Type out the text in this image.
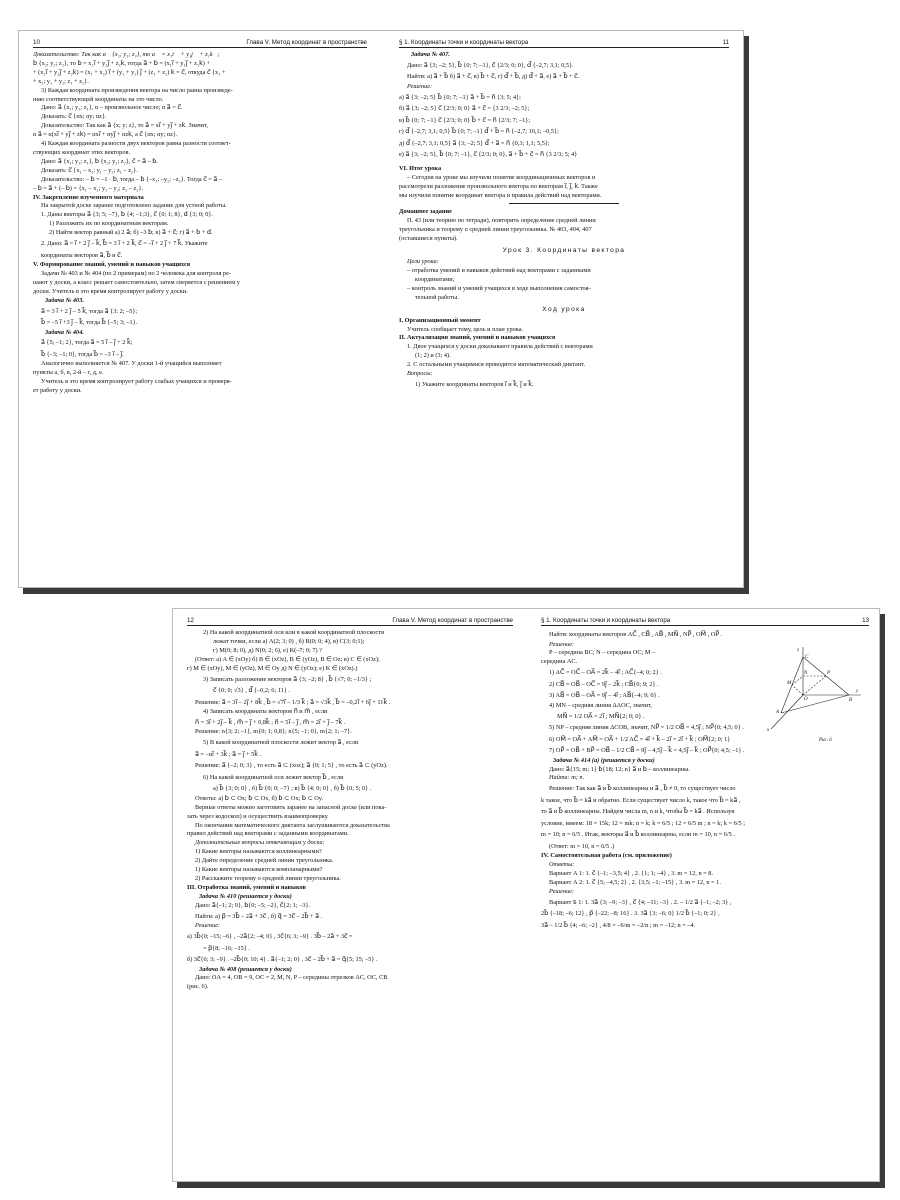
10	Глава V. Метод координат в пространстве
Доказательство: Так как a⃗ {x₁; y₁; z₁}, то a⃗ = x₁i⃗ + y₁j⃗ + z₁k⃗;
b⃗ {x₂; y₂; z₂}, то b⃗ = x₂i⃗ + y₂j⃗ + z₂k⃗, тогда a⃗ + b⃗ = (x₁i⃗ + y₁j⃗ + z₁k⃗) +
+ (x₂i⃗ + y₂j⃗ + z₂k⃗) = (x₁ + x₂) i⃗ + (y₁ + y₂) j⃗ + (z₁ + z₂) k⃗ = c⃗, откуда c⃗ {x₁ +
+ x₂; y₁ + y₂; z₁ + z₂}.
3) Каждая координата произведения вектора на число равна произведе-
нию соответствующей координаты на это число.
Дано: a⃗ {x₁; y₁; z₁}, α – произвольное число; α a⃗ = c⃗.
Доказать: c⃗ {αx; αy; αz}.
Доказательство: Так как a⃗ {x; y; z}, то a⃗ = xi⃗ + yj⃗ + zk⃗. Значит,
α a⃗ = α(xi⃗ + yj⃗ + zk⃗) = αxi⃗ + αyj⃗ + αzk⃗, а c⃗ {αx; αy; αz}.
4) Каждая координата разности двух векторов равна разности соответ-
ствующих координат этих векторов.
Дано: a⃗ {x₁; y₁; z₁}, b⃗ {x₂; y₂; z₂}, c⃗ = a⃗ – b⃗.
Доказать: c⃗ {x₁ – x₂; y₁ – y₂; z₁ – z₂}.
Доказательство: – b⃗ = –1 · b⃗, тогда – b⃗ {–x₂; –y₂; –z₂}. Тогда c⃗ = a⃗ –
– b⃗ = a⃗ + (– b⃗) = {x₁ – x₂; y₁ – y₂; z₁ – z₂}.
IV. Закрепление изученного материала
На закрытой доске заранее подготовлено задание для устной работы.
1. Даны векторы a⃗ {3; 5; –7}, b⃗ {4; –1;3}, c⃗ {0; 1; 8}, d⃗ {3; 0; 0}.
1) Разложить их по координатным векторам.
2) Найти вектор равный а) 2 a⃗; б) –3 b⃗; в) a⃗ + c⃗; г) a⃗ + b⃗ + d⃗.
2. Дано: a⃗ = i⃗ + 2 j⃗ – k⃗, b⃗ = 3 i⃗ + 2 k⃗, c⃗ = –i⃗ + 2 j⃗ + 7 k⃗. Укажите
координаты векторов a⃗, b⃗ и c⃗.
V. Формирование знаний, умений и навыков учащихся
Задачи № 403 и № 404 (по 2 примерам) по 2 человека для контроля ре-
шают у доски, а класс решает самостоятельно, затем сверяется с решением у
доски. Учитель в это время контролирует работу у доски.
Задача № 403.
a⃗ = 3 i⃗ + 2 j⃗ – 5 k⃗, тогда a⃗ {3; 2; –5};
b⃗ = –5 i⃗ +3 j⃗ – k⃗, тогда b⃗ {–5; 3; –1}.
Задача № 404.
a⃗ {5; –1; 2}, тогда a⃗ = 5 i⃗ – j⃗ + 2 k⃗;
b⃗ {–3; –1; 0}, тогда b⃗ = –3 i⃗ – j⃗.
Аналогично выполняется № 407. У доски 1-й учащийся выполняет
пункты а, б, в, 2-й – г, д, е.
Учитель в это время контролирует работу слабых учащихся и проверя-
ет работу у доски.
§ 1. Координаты точки и координаты вектора	11
Задача № 407.
Дано: a⃗ {3; –2; 5}, b⃗ {0; 7; –1}, c⃗ {2/3; 0; 0}, d⃗ {–2,7; 3,1; 0,5}.
Найти: а) a⃗ + b⃗ б) a⃗ + c⃗, в) b⃗ + c⃗, г) d⃗ + b⃗, д) d⃗ + a⃗, е) a⃗ + b⃗ + c⃗.
Решение:
а) a⃗ {3; –2; 5} b⃗ {0; 7; –1} a⃗ + b⃗ = n⃗ {3; 5; 4};
б) a⃗ {3; –2; 5} c⃗ {2/3; 0; 0} a⃗ + c⃗ = {3 2/3; –2; 5};
в) b⃗ {0; 7; –1} c⃗ {2/3; 0; 0} b⃗ + c⃗ = n⃗ {2/3; 7; –1};
г) d⃗ {–2,7; 3,1; 0,5} b⃗ {0; 7; –1} d⃗ + b⃗ = n⃗ {–2,7; 10,1; –0,5};
д) d⃗ {–2,7; 3,1; 0,5} a⃗ {3; –2; 5} d⃗ + a⃗ = n⃗ {0,3; 1,1; 5,5};
е) a⃗ {3; –2; 5}, b⃗ {0; 7; –1}, c⃗ {2/3; 0; 0}, a⃗ + b⃗ + c⃗ = n⃗ {3 2/3; 5; 4}
VI. Итог урока
– Сегодня на уроке мы изучили понятие координационных векторов и
рассмотрели разложение произвольного вектора по векторам i⃗, j⃗, k⃗. Также
мы изучили понятие координат вектора и правила действий над векторами.
Домашнее задание
П. 43 (или теорию по тетради), повторить определение средней линии
треугольника и теорему о средней линии треугольника. № 403, 404, 407
(оставшиеся пункты).
Урок 3. Координаты вектора
Цели урока:
– отработка умений и навыков действий над векторами с заданными
координатами;
– контроль знаний и умений учащихся в ходе выполнения самостоя-
тельной работы.
Ход урока
I. Организационный момент
Учитель сообщает тему, цель и план урока.
II. Актуализация знаний, умений и навыков учащихся
1. Двое учащихся у доски доказывают правила действий с векторами
(1; 2) и (3; 4).
2. С остальными учащимися проводится математический диктант.
Вопросы:
1) Укажите координаты векторов i⃗ и k⃗, j⃗ и k⃗.
12	Глава V. Метод координат в пространстве
2) На какой координатной оси или в какой координатной плоскости
лежат точки, если а) A(2; 3; 0) , б) B(0; 0; 4), в) C(3; 0;1);
г) M(0; 8; 0), д) N(0; 2; 6), е) K(–7; 0; 7) ?
(Ответ: а) A ∈ (xOy) б) B ∈ (xOz), B ∈ (yOz), B ∈ Oz; в) C ∈ (xOz);
г) M ∈ (xOy), M ∈ (yOz), M ∈ Oy д) N ∈ (yOz); е) K ∈ (xOz).)
3) Записать разложение векторов a⃗ {3; –2; 8} , b⃗ {√7; 0; –1/3} ;
c⃗ {0; 0; √3} , d⃗ {–0,2; 6; 11} .
Решение: a⃗ = 3i⃗ – 2j⃗ + 8k⃗ , b⃗ = √7i⃗ – 1/3 k⃗ ; a⃗ = √3k⃗ , b⃗ = –0,2i⃗ + 6j⃗ + 11k⃗ .
4) Записать координаты векторов n⃗ и m⃗ , если
n⃗ = 3i⃗ + 2j⃗ – k⃗ , m⃗ = j⃗ + 0,8k⃗ ; n⃗ = 5i⃗ – j⃗ , m⃗ = 2i⃗ + j⃗ – 7k⃗ .
Решение: n{3; 2; –1}, m{0; 1; 0,8}; n{5; –1; 0}, m{2; 1; –7}.
5) В какой координатной плоскости лежит вектор a⃗ , если
a⃗ = –αi⃗ + 3k⃗ ; a⃗ = j⃗ + 5k⃗ .
Решение: a⃗ {–2; 0; 3} , то есть a⃗ ⊂ (xoz); a⃗ {0; 1; 5} , то есть a⃗ ⊂ (yOz).
6) На какой координатной оси лежит вектор b⃗ , если
а) b⃗ {3; 0; 0} , б) b⃗ {0; 0; –7} ; в) b⃗ {4; 0; 0} , б) b⃗ {0; 5; 0} .
Ответы: а) b⃗ ⊂ Ox; b⃗ ⊂ Ox, б) b⃗ ⊂ Ox; b⃗ ⊂ Oy.
Верные ответы можно заготовить заранее на запасной доске (или пока-
зать через кодоскоп) и осуществить взаимопроверку.
По окончании математического диктанта заслушиваются доказательства
правил действий над векторами с заданными координатами.
Дополнительные вопросы отвечающим у доски:
1) Какие векторы называются коллинеарными?
2) Дайте определение средней линии треугольника.
1) Какие векторы называются компланарными?
2) Расскажите теорему о средней линии треугольника.
III. Отработка знаний, умений и навыков
Задача № 410 (решается у доски)
Дано: a⃗{–1; 2; 0}, b⃗{0; –5; –2}, c⃗{2; 1; –3}.
Найти: а) p⃗ = 3b⃗ – 2a⃗ + 3c⃗ , б) q⃗ = 3c⃗ – 2b⃗ + a⃗ .
Решение:
а) 3b⃗{0; –15; –6} , –2a⃗{2; –4; 0} , 3c⃗{6; 3; –9} . 3b⃗ – 2a⃗ + 3c⃗ =
= p⃗{8; –16; –15} .
б) 3c⃗{6; 3; –9} . –2b⃗{0; 10; 4} . a⃗{–1; 2; 0} . 3c⃗ – 2b⃗ + a⃗ = q⃗{5; 15; –5} .
Задача № 408 (решается у доски)
Дано: OA = 4, OB = 9, OC = 2, M, N, P – середины отрезков AC, OC, CB
(рис. 6).
§ 1. Координаты точки и координаты вектора	13
z
y
x
C
A
B
O
M
N	P
Рис. 6
Найти: координаты векторов AC⃗ , CB⃗ , AB⃗ , MN⃗ , NP⃗ , OM⃗ , OP⃗ .
Решение:
P – середина BC; N – середина OC; M –
середина AC.
1) AC⃗ = OC⃗ – OA⃗ = 2k⃗ – 4i⃗ ; AC⃗{–4; 0; 2} .
2) CB⃗ = OB⃗ – OC⃗ = 9j⃗ – 2k⃗ ; CB⃗{0; 9; 2} .
3) AB⃗ = OB⃗ – OA⃗ = 9j⃗ – 4i⃗ ; AB⃗{–4; 9; 0} .
4) MN – средняя линия ΔAOC, значит,
MN⃗ = 1/2 OA⃗ = 2i⃗ ; MN⃗{2; 0; 0} .
5) NP – средняя линия ΔCOB, значит, NP⃗ = 1/2 OB⃗ = 4,5j⃗ ; NP⃗{0; 4,5; 0} .
6) OM⃗ = OA⃗ + AM⃗ = OA⃗ + 1/2 AC⃗ = 4i⃗ + k⃗ – 2i⃗ = 2i⃗ + k⃗ ; OM⃗{2; 0; 1}
7) OP⃗ = OB⃗ + BP⃗ = OB⃗ – 1/2 CB⃗ = 9j⃗ – 4,5j⃗ – k⃗ = 4,5j⃗ – k⃗ ; OP⃗{0; 4,5; –1} .
Задача № 414 (а) (решается у доски)
Дано: a⃗{15; m; 1} b⃗{18; 12; n} a⃗ и b⃗ – коллинеарны.
Найти: m; n.
Решение: Так как a⃗ и b⃗ коллинеарны и a⃗ , b⃗ ≠ 0, то существует число
k такое, что b⃗ = ka⃗ и обратно. Если существует число k, такое что b⃗ = ka⃗ ,
то a⃗ и b⃗ коллинеарны. Найдем числа m, n и k, чтобы b⃗ = ka⃗ . Используя
условие, имеем: 18 = 15k; 12 = mk; n = k; k = 6/5 ; 12 = 6/5 m ; n = k; k = 6/5 ;
m = 10; n = 6/5 . Итак, векторы a⃗ и b⃗ коллинеарны, если m = 10, n = 6/5 .
(Ответ: m = 10, n = 6/5 .)
IV. Самостоятельная работа (см. приложение)
Ответы:
Вариант А 1: 1. c⃗ {–1; –3,5; 4} , 2. {1; 1; –4} , 3. m = 12, n = 8.
Вариант А 2: 1. c⃗ {5; –4,5; 2} , 2. {3,5; –1; –15} , 3. m = 12, n = 1.
Решение:
Вариант Б 1: 1. 3a⃗ {3; –9; –3} , c⃗ {4; –11; –3} . 2. – 1/2 a⃗ {–1; –2; 3} ,
2b⃗ {–18; –6; 12} , p⃗ {–22; –8; 16} . 3. 3a⃗ {3; –6; 0} 1/2 b⃗ {–1; 0; 2} ,
3a⃗ – 1/2 b⃗ {4; –6; –2} , 4/8 = –6/m = –2/n ; m = –12; n = –4.
